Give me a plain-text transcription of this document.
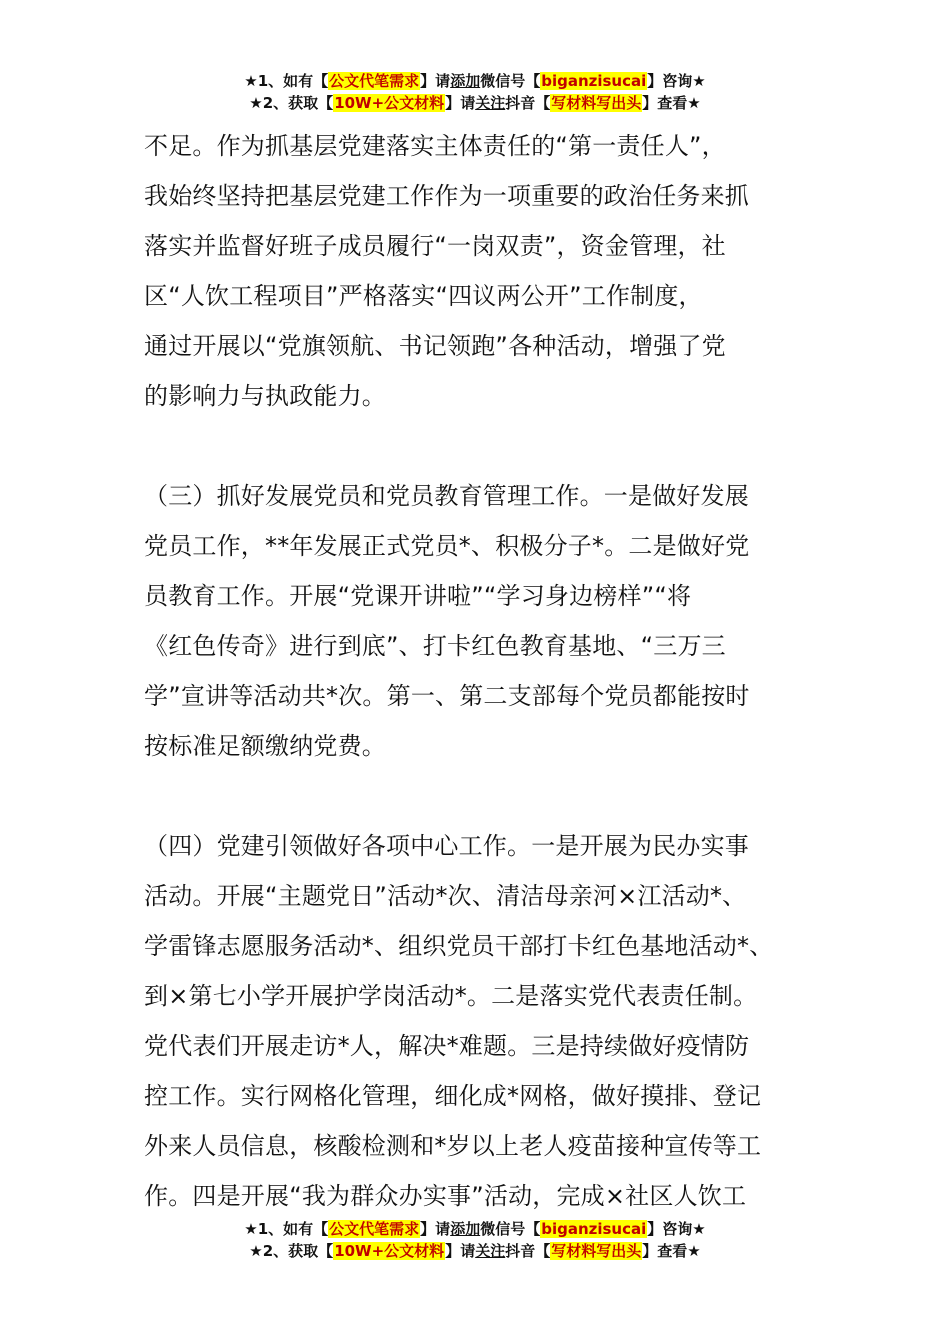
★1、如有【公文代笔需求】请添加微信号【biganzisucai】咨询★
★2、获取【10W+公文材料】请关注抖音【写材料写出头】查看★
不足。作为抓基层党建落实主体责任的“第一责任人”，
我始终坚持把基层党建工作作为一项重要的政治任务来抓
落实并监督好班子成员履行“一岗双责”，资金管理，社
区“人饮工程项目”严格落实“四议两公开”工作制度，
通过开展以“党旗领航、书记领跑”各种活动，增强了党
的影响力与执政能力。
（三）抓好发展党员和党员教育管理工作。一是做好发展
党员工作，**年发展正式党员*、积极分子*。二是做好党
员教育工作。开展“党课开讲啦”“学习身边榜样”“将
《红色传奇》进行到底”、打卡红色教育基地、“三万三
学”宣讲等活动共*次。第一、第二支部每个党员都能按时
按标准足额缴纳党费。
（四）党建引领做好各项中心工作。一是开展为民办实事
活动。开展“主题党日”活动*次、清洁母亲河×江活动*、
学雷锋志愿服务活动*、组织党员干部打卡红色基地活动*、
到×第七小学开展护学岗活动*。二是落实党代表责任制。
党代表们开展走访*人，解决*难题。三是持续做好疫情防
控工作。实行网格化管理，细化成*网格，做好摸排、登记
外来人员信息，核酸检测和*岁以上老人疫苗接种宣传等工
作。四是开展“我为群众办实事”活动，完成×社区人饮工
★1、如有【公文代笔需求】请添加微信号【biganzisucai】咨询★
★2、获取【10W+公文材料】请关注抖音【写材料写出头】查看★
